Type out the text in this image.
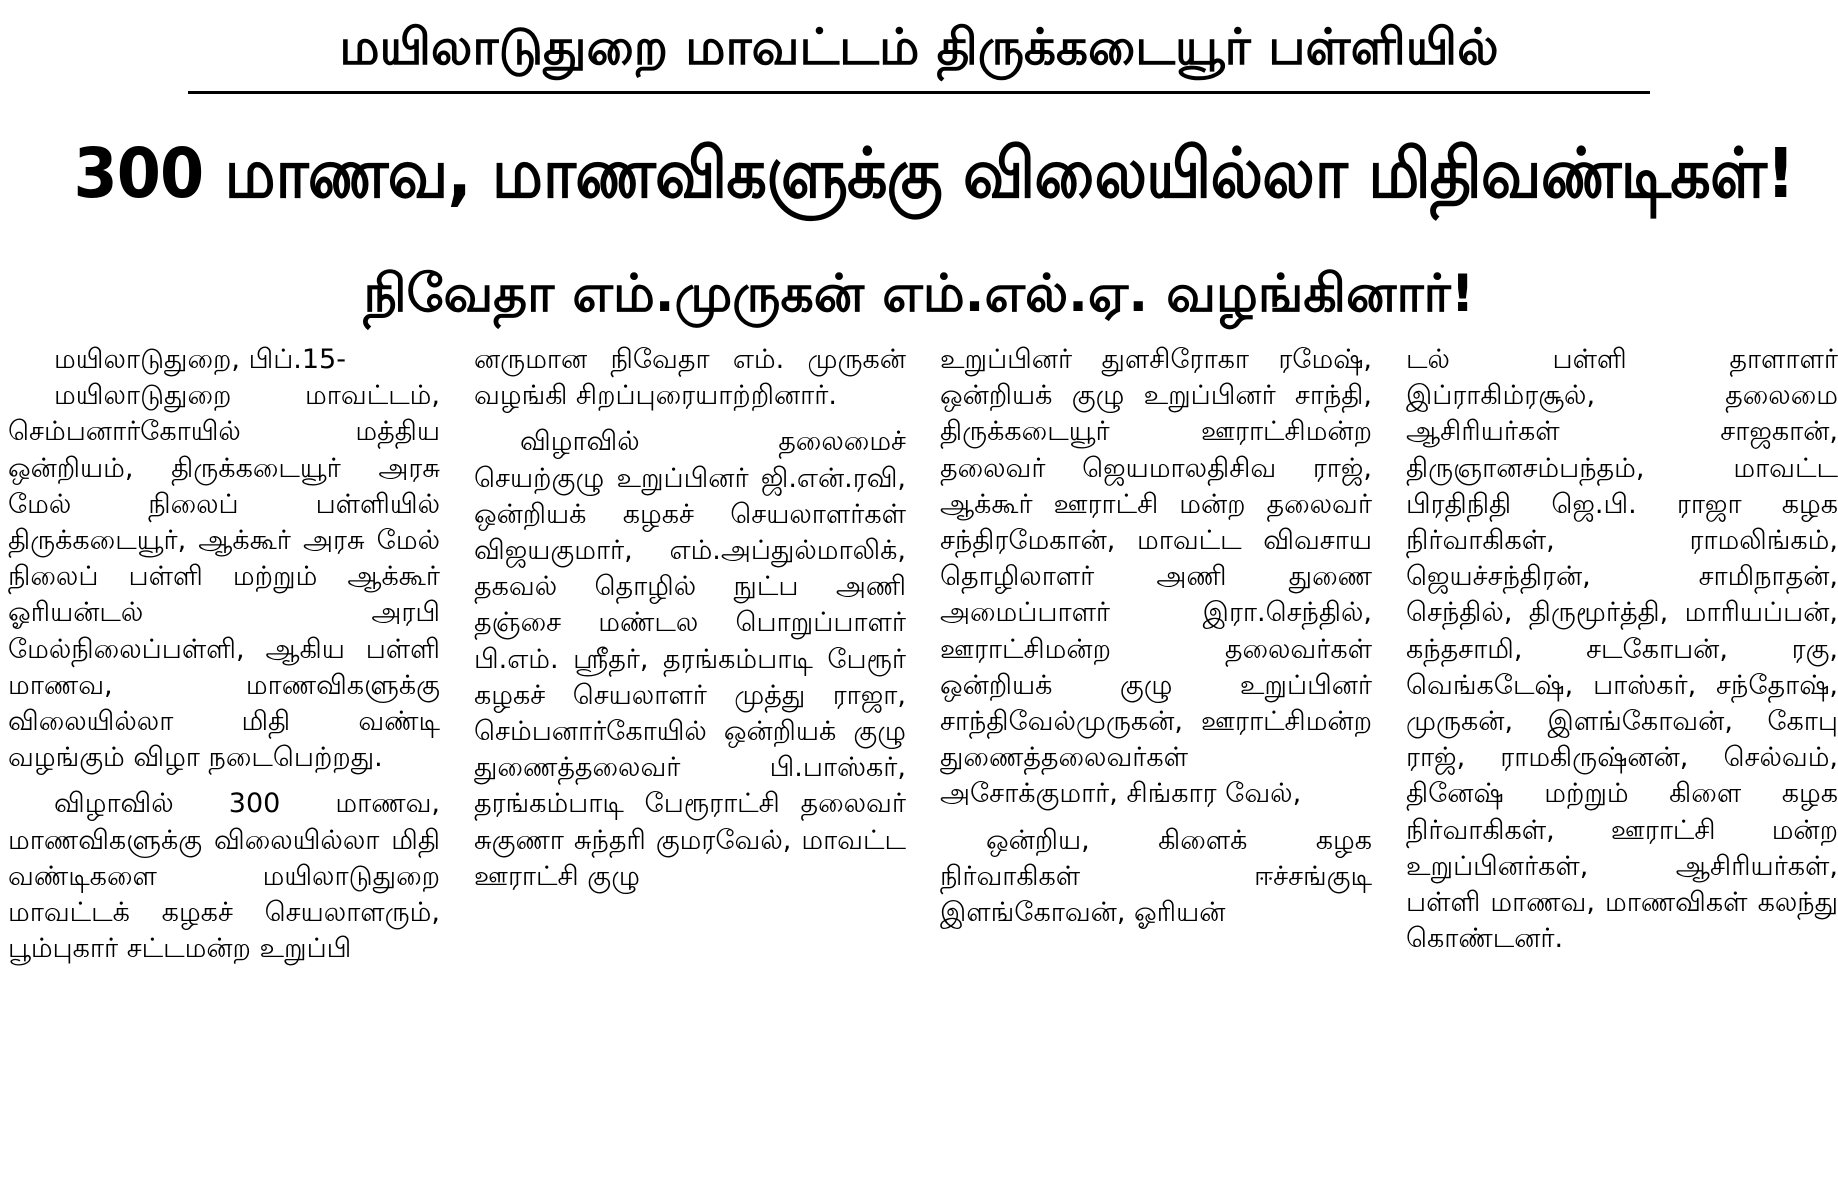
மயிலாடுதுறை மாவட்டம் திருக்கடையூர் பள்ளியில்
300 மாணவ, மாணவிகளுக்கு விலையில்லா மிதிவண்டிகள்!
நிவேதா எம்.முருகன் எம்.எல்.ஏ. வழங்கினார்!

மயிலாடுதுறை, பிப்.15-

மயிலாடுதுறை மாவட்டம், செம்பனார்கோயில் மத்திய ஒன்றியம், திருக்கடையூர் அரசு மேல் நிலைப் பள்ளியில் திருக்கடையூர், ஆக்கூர் அரசு மேல் நிலைப் பள்ளி மற்றும் ஆக்கூர் ஓரியன்டல் அரபி மேல்நிலைப்பள்ளி, ஆகிய பள்ளி மாணவ, மாணவிகளுக்கு விலையில்லா மிதி வண்டி வழங்கும் விழா நடைபெற்றது.

விழாவில் 300 மாணவ, மாணவிகளுக்கு விலையில்லா மிதி வண்டிகளை மயிலாடுதுறை மாவட்டக் கழகச் செயலாளரும், பூம்புகார் சட்டமன்ற உறுப்பி

னருமான நிவேதா எம். முருகன் வழங்கி சிறப்புரையாற்றினார்.

விழாவில் தலைமைச் செயற்குழு உறுப்பினர் ஜி.என்.ரவி, ஒன்றியக் கழகச் செயலாளர்கள் விஜயகுமார், எம்.அப்துல்மாலிக், தகவல் தொழில் நுட்ப அணி தஞ்சை மண்டல பொறுப்பாளர் பி.எம். ஸ்ரீதர், தரங்கம்பாடி பேரூர் கழகச் செயலாளர் முத்து ராஜா, செம்பனார்கோயில் ஒன்றியக் குழு துணைத்தலைவர் பி.பாஸ்கர், தரங்கம்பாடி பேரூராட்சி தலைவர் சுகுணா சுந்தரி குமரவேல், மாவட்ட ஊராட்சி குழு

உறுப்பினர் துளசிரோகா ரமேஷ், ஒன்றியக் குழு உறுப்பினர் சாந்தி, திருக்கடையூர் ஊராட்சிமன்ற தலைவர் ஜெயமாலதிசிவ ராஜ், ஆக்கூர் ஊராட்சி மன்ற தலைவர் சந்திரமேகான், மாவட்ட விவசாய தொழிலாளர் அணி துணை அமைப்பாளர் இரா.செந்தில், ஊராட்சிமன்ற தலைவர்கள் ஒன்றியக் குழு உறுப்பினர் சாந்திவேல்முருகன், ஊராட்சிமன்ற துணைத்தலைவர்கள் அசோக்குமார், சிங்கார வேல்,

ஒன்றிய, கிளைக் கழக நிர்வாகிகள் ஈச்சங்குடி இளங்கோவன், ஓரியன்

டல் பள்ளி தாளாளர் இப்ராகிம்ரசூல், தலைமை ஆசிரியர்கள் சாஜகான், திருஞானசம்பந்தம், மாவட்ட பிரதிநிதி ஜெ.பி. ராஜா கழக நிர்வாகிகள், ராமலிங்கம், ஜெயச்சந்திரன், சாமிநாதன், செந்தில், திருமூர்த்தி, மாரியப்பன், கந்தசாமி, சடகோபன், ரகு, வெங்கடேஷ், பாஸ்கர், சந்தோஷ், முருகன், இளங்கோவன், கோபு ராஜ், ராமகிருஷ்னன், செல்வம், தினேஷ் மற்றும் கிளை கழக நிர்வாகிகள், ஊராட்சி மன்ற உறுப்பினர்கள், ஆசிரியர்கள், பள்ளி மாணவ, மாணவிகள் கலந்து கொண்டனர்.
